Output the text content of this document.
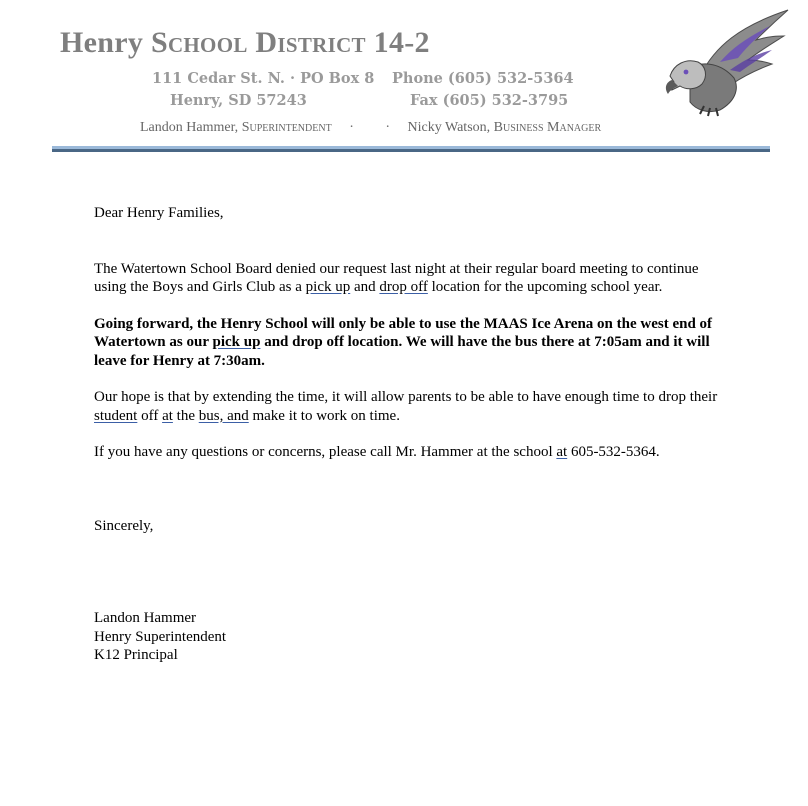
Henry School District 14-2
111 Cedar St. N. · PO Box 8
Henry, SD 57243
Phone (605) 532-5364
Fax (605) 532-3795
Landon Hammer, Superintendent · · Nicky Watson, Business Manager

Dear Henry Families,

The Watertown School Board denied our request last night at their regular board meeting to continue using the Boys and Girls Club as a pick up and drop off location for the upcoming school year.

Going forward, the Henry School will only be able to use the MAAS Ice Arena on the west end of Watertown as our pick up and drop off location. We will have the bus there at 7:05am and it will leave for Henry at 7:30am.

Our hope is that by extending the time, it will allow parents to be able to have enough time to drop their student off at the bus, and make it to work on time.

If you have any questions or concerns, please call Mr. Hammer at the school at 605-532-5364.

Sincerely,

Landon Hammer

Henry Superintendent

K12 Principal
